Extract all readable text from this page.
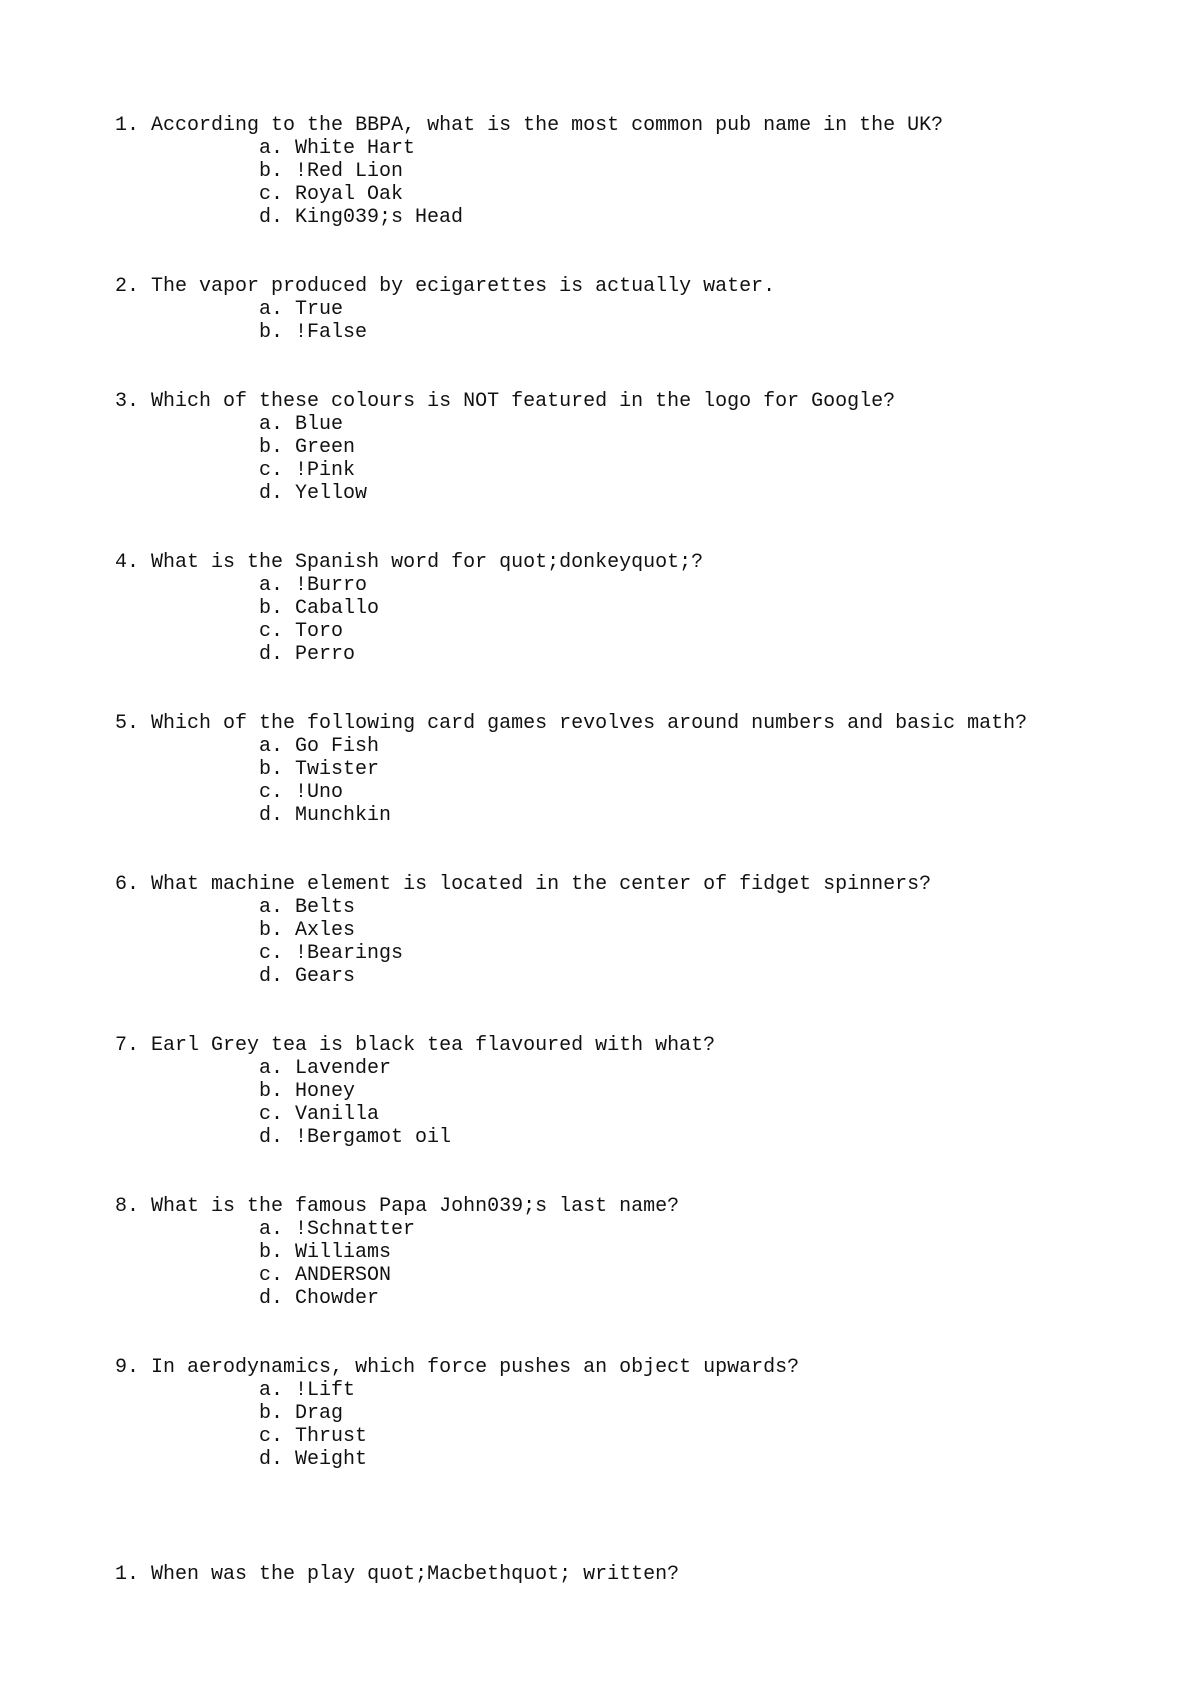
1. According to the BBPA, what is the most common pub name in the UK?
a. White Hart
b. !Red Lion
c. Royal Oak
d. King039;s Head
2. The vapor produced by ecigarettes is actually water.
a. True
b. !False
3. Which of these colours is NOT featured in the logo for Google?
a. Blue
b. Green
c. !Pink
d. Yellow
4. What is the Spanish word for quot;donkeyquot;?
a. !Burro
b. Caballo
c. Toro
d. Perro
5. Which of the following card games revolves around numbers and basic math?
a. Go Fish
b. Twister
c. !Uno
d. Munchkin
6. What machine element is located in the center of fidget spinners?
a. Belts
b. Axles
c. !Bearings
d. Gears
7. Earl Grey tea is black tea flavoured with what?
a. Lavender
b. Honey
c. Vanilla
d. !Bergamot oil
8. What is the famous Papa John039;s last name?
a. !Schnatter
b. Williams
c. ANDERSON
d. Chowder
9. In aerodynamics, which force pushes an object upwards?
a. !Lift
b. Drag
c. Thrust
d. Weight
1. When was the play quot;Macbethquot; written?
